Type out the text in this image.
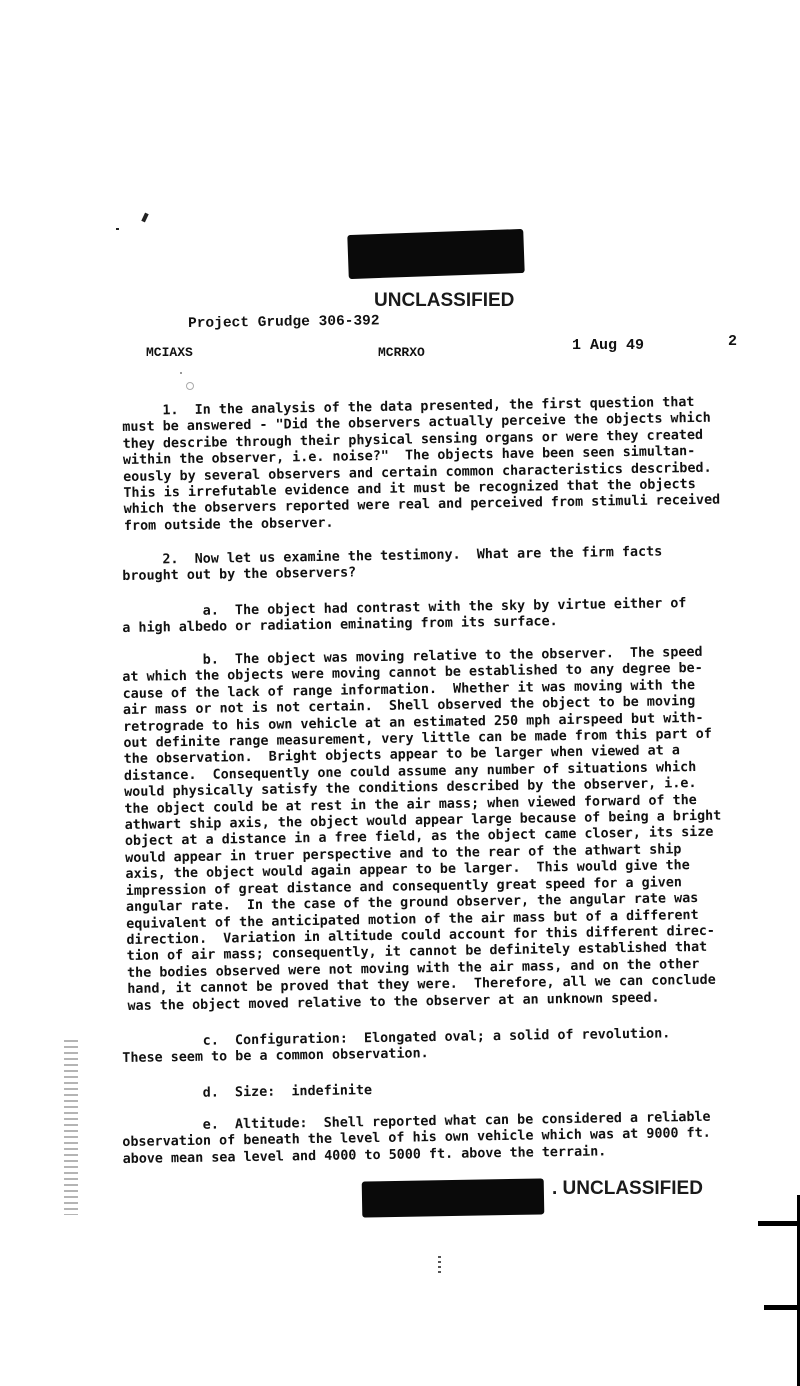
UNCLASSIFIED
Project Grudge 306-392
MCIAXS	MCRRXO	1 Aug 49	2
1.  In the analysis of the data presented, the first question that
must be answered - "Did the observers actually perceive the objects which
they describe through their physical sensing organs or were they created
within the observer, i.e. noise?"  The objects have been seen simultan-
eously by several observers and certain common characteristics described.
This is irrefutable evidence and it must be recognized that the objects
which the observers reported were real and perceived from stimuli received
from outside the observer.
2.  Now let us examine the testimony.  What are the firm facts
brought out by the observers?
a.  The object had contrast with the sky by virtue either of
a high albedo or radiation eminating from its surface.
b.  The object was moving relative to the observer.  The speed
at which the objects were moving cannot be established to any degree be-
cause of the lack of range information.  Whether it was moving with the
air mass or not is not certain.  Shell observed the object to be moving
retrograde to his own vehicle at an estimated 250 mph airspeed but with-
out definite range measurement, very little can be made from this part of
the observation.  Bright objects appear to be larger when viewed at a
distance.  Consequently one could assume any number of situations which
would physically satisfy the conditions described by the observer, i.e.
the object could be at rest in the air mass; when viewed forward of the
athwart ship axis, the object would appear large because of being a bright
object at a distance in a free field, as the object came closer, its size
would appear in truer perspective and to the rear of the athwart ship
axis, the object would again appear to be larger.  This would give the
impression of great distance and consequently great speed for a given
angular rate.  In the case of the ground observer, the angular rate was
equivalent of the anticipated motion of the air mass but of a different
direction.  Variation in altitude could account for this different direc-
tion of air mass; consequently, it cannot be definitely established that
the bodies observed were not moving with the air mass, and on the other
hand, it cannot be proved that they were.  Therefore, all we can conclude
was the object moved relative to the observer at an unknown speed.
c.  Configuration:  Elongated oval; a solid of revolution.
These seem to be a common observation.
d.  Size:  indefinite
e.  Altitude:  Shell reported what can be considered a reliable
observation of beneath the level of his own vehicle which was at 9000 ft.
above mean sea level and 4000 to 5000 ft. above the terrain.
. UNCLASSIFIED
